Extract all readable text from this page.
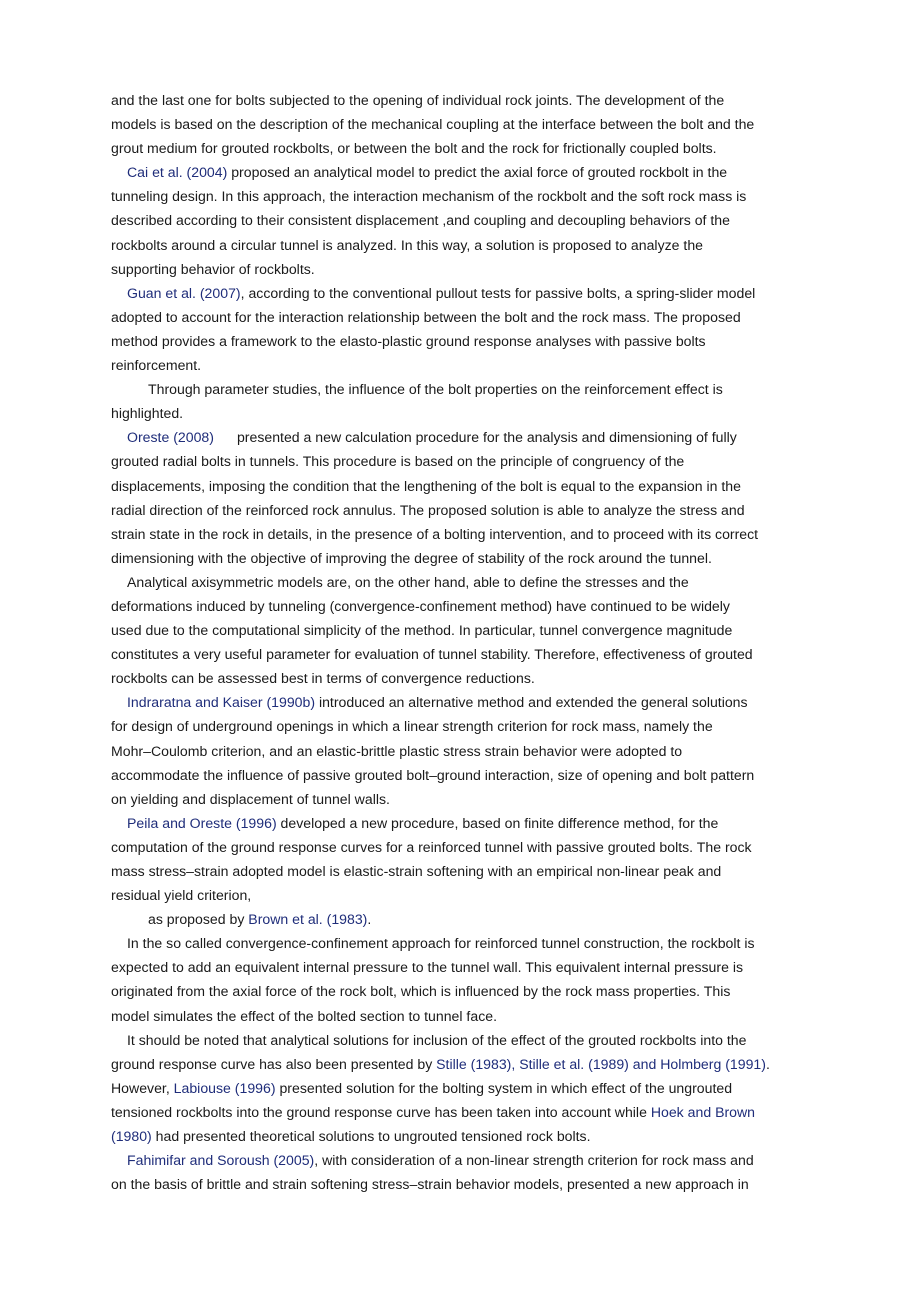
and the last one for bolts subjected to the opening of individual rock joints. The development of the
models is based on the description of the mechanical coupling at the interface between the bolt and the
grout medium for grouted rockbolts, or between the bolt and the rock for frictionally coupled bolts.
Cai et al. (2004) proposed an analytical model to predict the axial force of grouted rockbolt in the
tunneling design. In this approach, the interaction mechanism of the rockbolt and the soft rock mass is
described according to their consistent displacement ,and coupling and decoupling behaviors of the
rockbolts around a circular tunnel is analyzed. In this way, a solution is proposed to analyze the
supporting behavior of rockbolts.
Guan et al. (2007), according to the conventional pullout tests for passive bolts, a spring-slider model
adopted to account for the interaction relationship between the bolt and the rock mass. The proposed
method provides a framework to the elasto-plastic ground response analyses with passive bolts
reinforcement.
Through parameter studies, the influence of the bolt properties on the reinforcement effect is
highlighted.
Oreste (2008) presented a new calculation procedure for the analysis and dimensioning of fully
grouted radial bolts in tunnels. This procedure is based on the principle of congruency of the
displacements, imposing the condition that the lengthening of the bolt is equal to the expansion in the
radial direction of the reinforced rock annulus. The proposed solution is able to analyze the stress and
strain state in the rock in details, in the presence of a bolting intervention, and to proceed with its correct
dimensioning with the objective of improving the degree of stability of the rock around the tunnel.
Analytical axisymmetric models are, on the other hand, able to define the stresses and the
deformations induced by tunneling (convergence-confinement method) have continued to be widely
used due to the computational simplicity of the method. In particular, tunnel convergence magnitude
constitutes a very useful parameter for evaluation of tunnel stability. Therefore, effectiveness of grouted
rockbolts can be assessed best in terms of convergence reductions.
Indraratna and Kaiser (1990b) introduced an alternative method and extended the general solutions
for design of underground openings in which a linear strength criterion for rock mass, namely the
Mohr–Coulomb criterion, and an elastic-brittle plastic stress strain behavior were adopted to
accommodate the influence of passive grouted bolt–ground interaction, size of opening and bolt pattern
on yielding and displacement of tunnel walls.
Peila and Oreste (1996) developed a new procedure, based on finite difference method, for the
computation of the ground response curves for a reinforced tunnel with passive grouted bolts. The rock
mass stress–strain adopted model is elastic-strain softening with an empirical non-linear peak and
residual yield criterion,
as proposed by Brown et al. (1983).
In the so called convergence-confinement approach for reinforced tunnel construction, the rockbolt is
expected to add an equivalent internal pressure to the tunnel wall. This equivalent internal pressure is
originated from the axial force of the rock bolt, which is influenced by the rock mass properties. This
model simulates the effect of the bolted section to tunnel face.
It should be noted that analytical solutions for inclusion of the effect of the grouted rockbolts into the
ground response curve has also been presented by Stille (1983), Stille et al. (1989) and Holmberg (1991).
However, Labiouse (1996) presented solution for the bolting system in which effect of the ungrouted
tensioned rockbolts into the ground response curve has been taken into account while Hoek and Brown
(1980) had presented theoretical solutions to ungrouted tensioned rock bolts.
Fahimifar and Soroush (2005), with consideration of a non-linear strength criterion for rock mass and
on the basis of brittle and strain softening stress–strain behavior models, presented a new approach in
